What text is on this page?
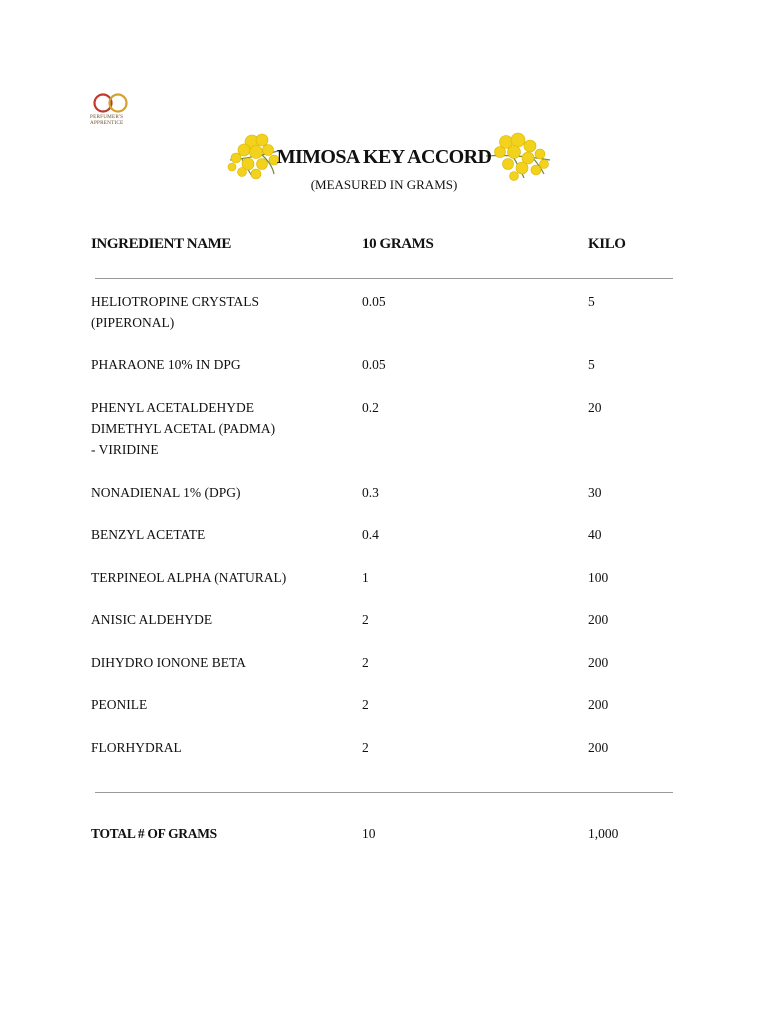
PERFUMER'S
APPRENTICE
MIMOSA KEY ACCORD
(MEASURED IN GRAMS)
INGREDIENT NAME	10 GRAMS	KILO
HELIOTROPINE CRYSTALS
(PIPERONAL)
0.05	5
PHARAONE 10% IN DPG	0.05	5
PHENYL ACETALDEHYDE
DIMETHYL ACETAL (PADMA)
- VIRIDINE
0.2	20
NONADIENAL 1% (DPG)	0.3	30
BENZYL ACETATE	0.4	40
TERPINEOL ALPHA (NATURAL)	1	100
ANISIC ALDEHYDE	2	200
DIHYDRO IONONE BETA	2	200
PEONILE	2	200
FLORHYDRAL	2	200
TOTAL # OF GRAMS	10	1,000
